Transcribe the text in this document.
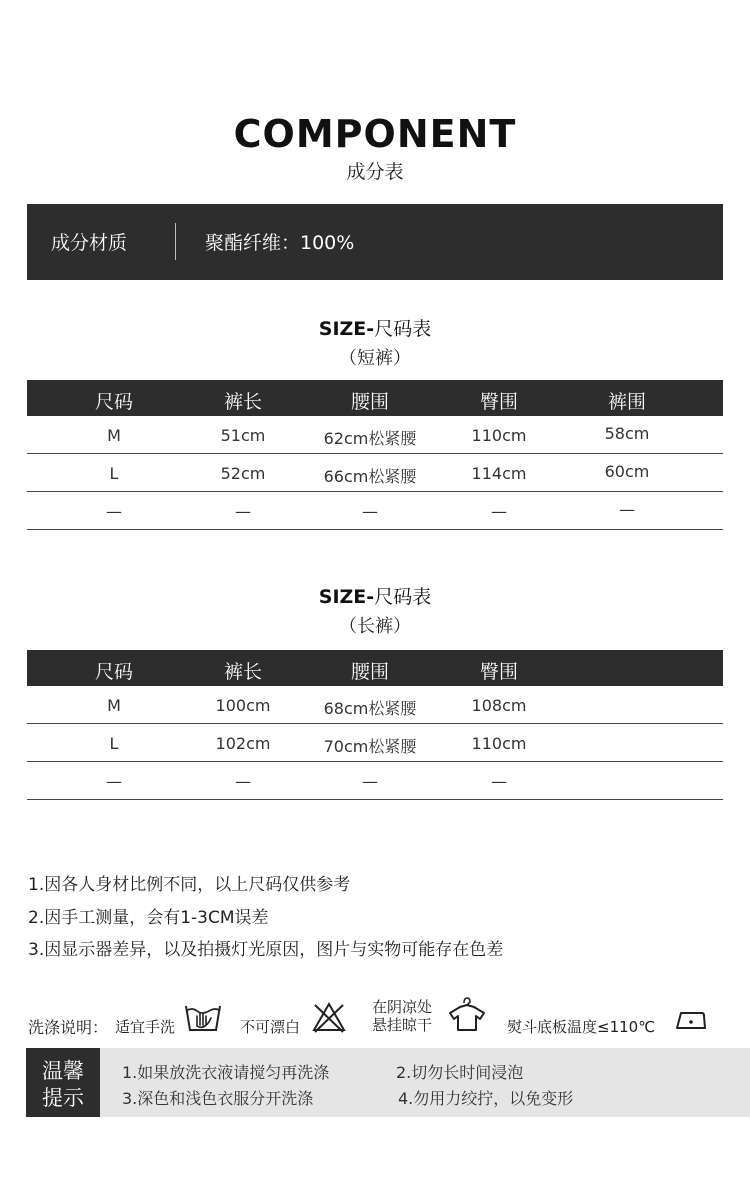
COMPONENT
成分表
成分材质	聚酯纤维：100%
SIZE-尺码表
（短裤）
尺码	裤长	腰围	臀围	裤围
M	51cm	62cm松紧腰	110cm	58cm
L	52cm	66cm松紧腰	114cm	60cm
—	—	—	—	—
SIZE-尺码表
（长裤）
尺码	裤长	腰围	臀围
M	100cm	68cm松紧腰	108cm
L	102cm	70cm松紧腰	110cm
—	—	—	—
1.因各人身材比例不同，以上尺码仅供参考
2.因手工测量，会有1-3CM误差
3.因显示器差异，以及拍摄灯光原因，图片与实物可能存在色差
洗涤说明： 适宜手洗	不可漂白
在阴凉处
悬挂晾干	熨斗底板温度≤110℃
温馨
提示
1.如果放洗衣液请搅匀再洗涤	2.切勿长时间浸泡
3.深色和浅色衣服分开洗涤	4.勿用力绞拧，以免变形
